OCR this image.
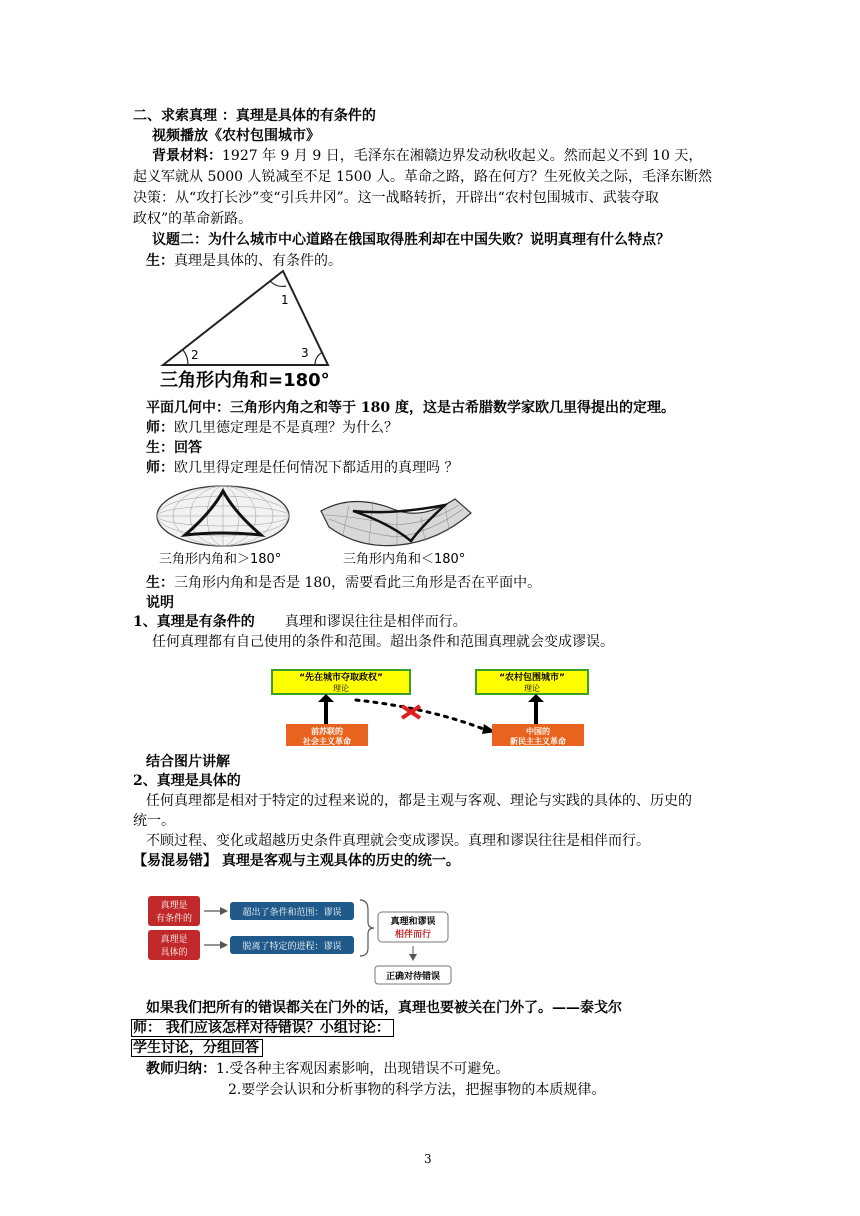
二、求索真理 ：真理是具体的有条件的
视频播放《农村包围城市》
背景材料：1927 年 9 月 9 日，毛泽东在湘赣边界发动秋收起义。然而起义不到 10 天，
起义军就从 5000 人锐减至不足 1500 人。革命之路，路在何方？生死攸关之际，毛泽东断然
决策：从“攻打长沙”变“引兵井冈”。这一战略转折，开辟出“农村包围城市、武装夺取
政权”的革命新路。
议题二：为什么城市中心道路在俄国取得胜利却在中国失败？说明真理有什么特点？
生：真理是具体的、有条件的。
1
2	3
三角形内角和=180°
平面几何中：三角形内角之和等于 180 度，这是古希腊数学家欧几里得提出的定理。
师：欧几里德定理是不是真理？为什么？
生：回答
师：欧几里得定理是任何情况下都适用的真理吗 ？
三角形内角和＞180°	三角形内角和＜180°
生：三角形内角和是否是 180，需要看此三角形是否在平面中。
说明
1、真理是有条件的 真理和谬误往往是相伴而行。
任何真理都有自己使用的条件和范围。超出条件和范围真理就会变成谬误。
“先在城市夺取政权”
理论
前苏联的
社会主义革命
“农村包围城市”
理论
中国的
新民主主义革命
结合图片讲解
2、真理是具体的
任何真理都是相对于特定的过程来说的，都是主观与客观、理论与实践的具体的、历史的
统一。
不顾过程、变化或超越历史条件真理就会变成谬误。真理和谬误往往是相伴而行。
【易混易错】 真理是客观与主观具体的历史的统一。
真理是
有条件的
超出了条件和范围：谬误
真理是
具体的
脱离了特定的进程：谬误
真理和谬误
相伴而行
正确对待错误
如果我们把所有的错误都关在门外的话，真理也要被关在门外了。——泰戈尔
师： 我们应该怎样对待错误？小组讨论：
学生讨论，分组回答
教师归纳：1.受各种主客观因素影响，出现错误不可避免。
2.要学会认识和分析事物的科学方法，把握事物的本质规律。
3
